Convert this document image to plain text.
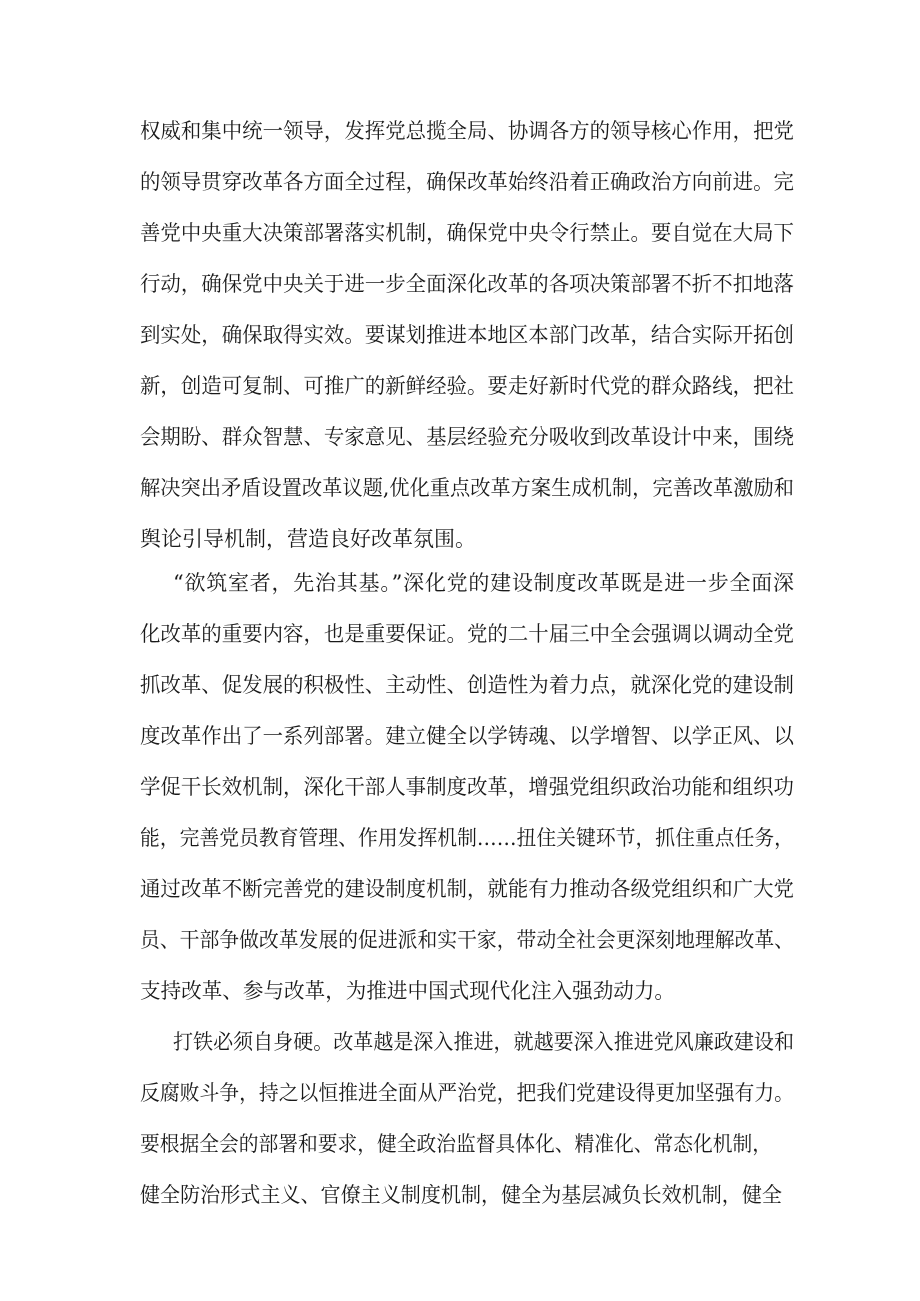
权威和集中统一领导，发挥党总揽全局、协调各方的领导核心作用，把党
的领导贯穿改革各方面全过程，确保改革始终沿着正确政治方向前进。完
善党中央重大决策部署落实机制，确保党中央令行禁止。要自觉在大局下
行动，确保党中央关于进一步全面深化改革的各项决策部署不折不扣地落
到实处，确保取得实效。要谋划推进本地区本部门改革，结合实际开拓创
新，创造可复制、可推广的新鲜经验。要走好新时代党的群众路线，把社
会期盼、群众智慧、专家意见、基层经验充分吸收到改革设计中来，围绕
解决突出矛盾设置改革议题,优化重点改革方案生成机制，完善改革激励和
舆论引导机制，营造良好改革氛围。
“欲筑室者，先治其基。”深化党的建设制度改革既是进一步全面深
化改革的重要内容，也是重要保证。党的二十届三中全会强调以调动全党
抓改革、促发展的积极性、主动性、创造性为着力点，就深化党的建设制
度改革作出了一系列部署。建立健全以学铸魂、以学增智、以学正风、以
学促干长效机制，深化干部人事制度改革，增强党组织政治功能和组织功
能，完善党员教育管理、作用发挥机制……扭住关键环节，抓住重点任务，
通过改革不断完善党的建设制度机制，就能有力推动各级党组织和广大党
员、干部争做改革发展的促进派和实干家，带动全社会更深刻地理解改革、
支持改革、参与改革，为推进中国式现代化注入强劲动力。
打铁必须自身硬。改革越是深入推进，就越要深入推进党风廉政建设和
反腐败斗争，持之以恒推进全面从严治党，把我们党建设得更加坚强有力。
要根据全会的部署和要求，健全政治监督具体化、精准化、常态化机制，
健全防治形式主义、官僚主义制度机制，健全为基层减负长效机制，健全
